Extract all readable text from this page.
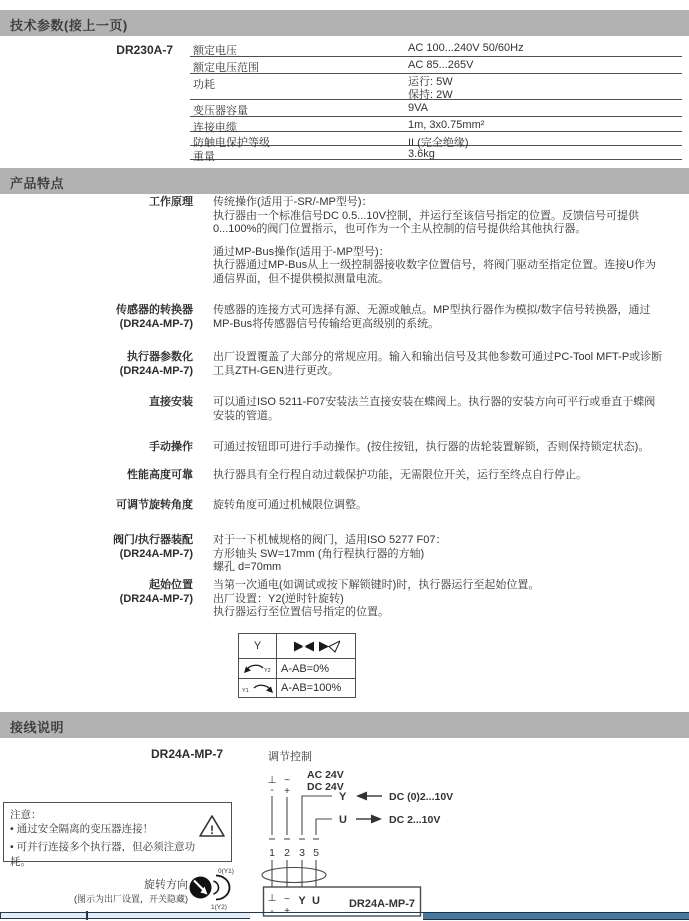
技术参数(接上一页)
DR230A-7 额定电压	AC 100...240V 50/60Hz
额定电压范围	AC 85...265V
功耗	运行: 5W
保持: 2W
变压器容量	9VA
连接电缆	1m, 3x0.75mm²
防触电保护等级	II (完全绝缘)
重量	3.6kg
产品特点
工作原理 传统操作(适用于-SR/-MP型号)：
执行器由一个标准信号DC 0.5...10V控制，并运行至该信号指定的位置。反馈信号可提供
0...100%的阀门位置指示，也可作为一个主从控制的信号提供给其他执行器。
通过MP-Bus操作(适用于-MP型号)：
执行器通过MP-Bus从上一级控制器接收数字位置信号，将阀门驱动至指定位置。连接U作为
通信界面，但不提供模拟测量电流。
传感器的转换器
(DR24A-MP-7)
传感器的连接方式可选择有源、无源或触点。MP型执行器作为模拟/数字信号转换器，通过
MP-Bus将传感器信号传输给更高级别的系统。
执行器参数化
(DR24A-MP-7)
出厂设置覆盖了大部分的常规应用。输入和输出信号及其他参数可通过PC-Tool MFT-P或诊断
工具ZTH-GEN进行更改。
直接安装 可以通过ISO 5211-F07安装法兰直接安装在蝶阀上。执行器的安装方向可平行或垂直于蝶阀
安装的管道。
手动操作 可通过按钮即可进行手动操作。(按住按钮，执行器的齿轮装置解锁，否则保持锁定状态)。
性能高度可靠 执行器具有全行程自动过载保护功能，无需限位开关，运行至终点自行停止。
可调节旋转角度 旋转角度可通过机械限位调整。
阀门/执行器装配
(DR24A-MP-7)
对于一下机械规格的阀门，适用ISO 5277 F07：
方形轴头 SW=17mm (角行程执行器的方轴)
螺孔 d=70mm
起始位置
(DR24A-MP-7)
当第一次通电(如调试或按下解锁键时)时，执行器运行至起始位置。
出厂设置：Y2(逆时针旋转)
执行器运行至位置信号指定的位置。
Y	

Y2	A-AB=0%

Y1	A-AB=100%
接线说明
DR24A-MP-7	调节控制
注意：
• 通过安全隔离的变压器连接！
• 可并行连接多个执行器，但必须注意功耗。
!
旋转方向
(图示为出厂设置，开关隐藏)
0(Y1)
1(Y2)
⊥
-
~
+
AC 24V
DC 24V
Y	DC (0)2...10V
U	DC 2...10V
1 2 3 5
⊥ ~ Y U	DR24A-MP-7
